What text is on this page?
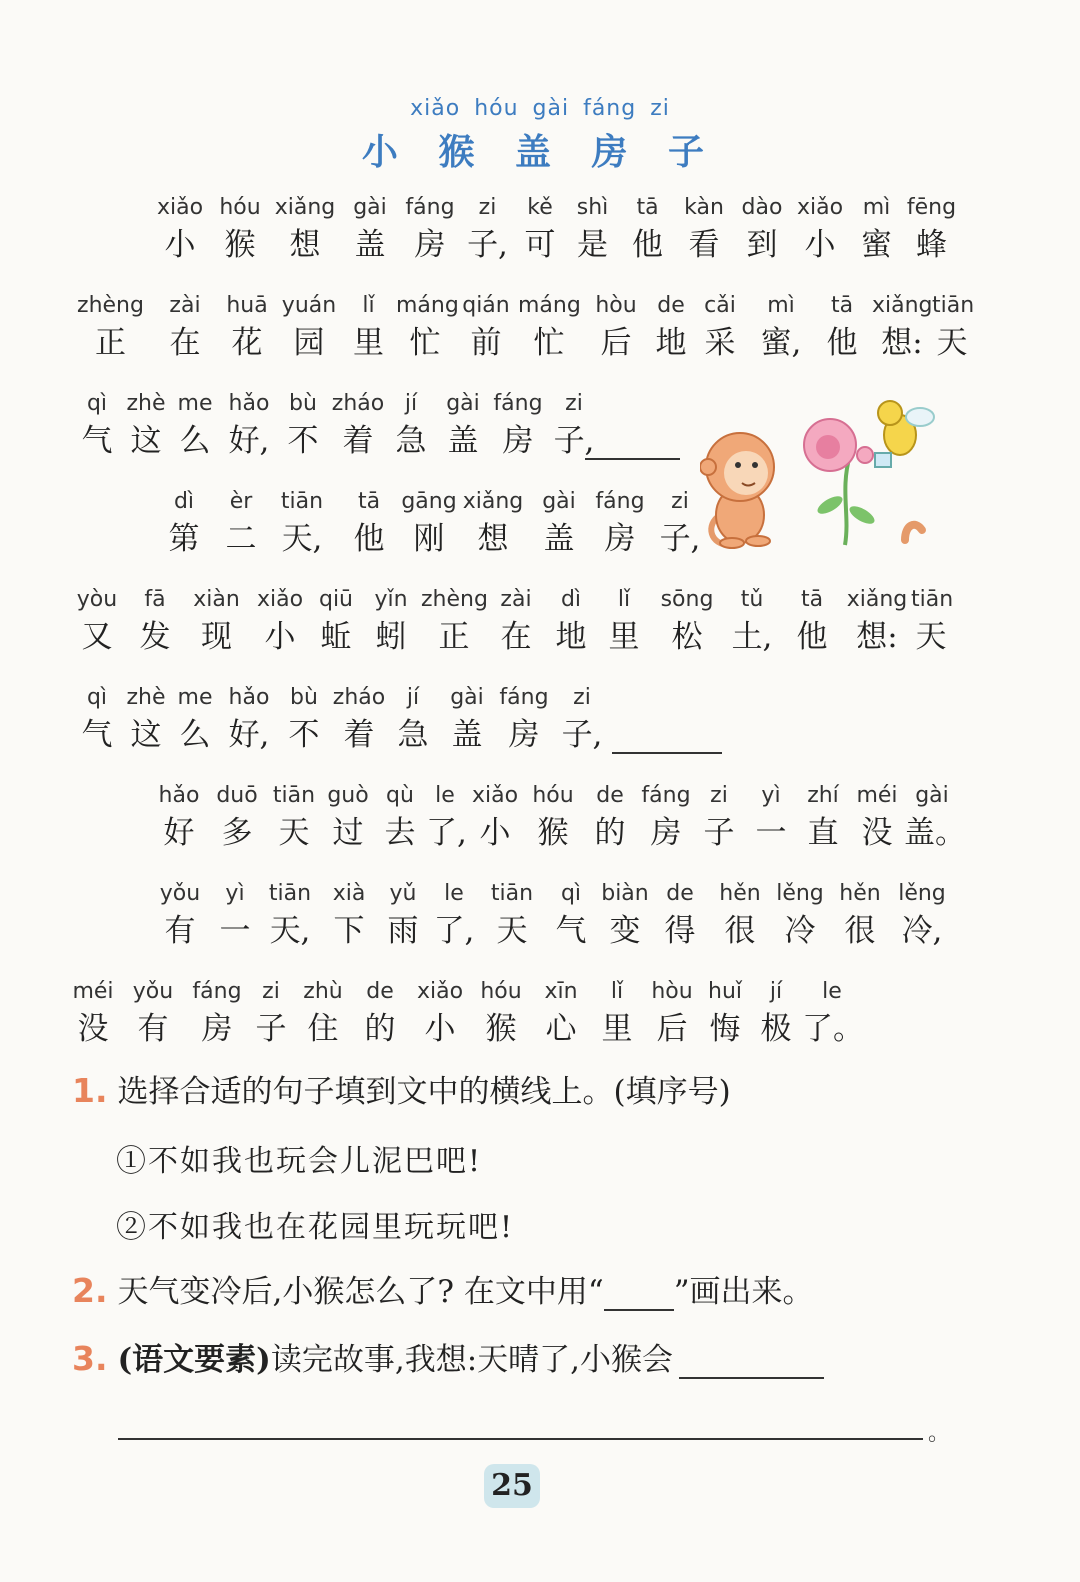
xiǎo hóu gài fáng zi
小 猴 盖 房 子
xiǎo hóu xiǎng gài fáng	zi	kě	shì	tā	kàn dào xiǎo mì fēng
小 猴	想	盖 房 子, 可 是 他 看 到 小 蜜 蜂
zhèng	zài	huā yuán	lǐ máng qián máng hòu de cǎi	mì	tā xiǎng tiān
正	在	花	园 里 忙 前	忙	后 地 采 蜜, 他 想: 天
qì zhè me hǎo bù zháo jí	gài fáng	zi
气 这 么 好, 不 着 急 盖 房 子,
dì	èr	tiān	tā gāng xiǎng gài fáng	zi
第 二 天,	他 刚	想	盖 房 子,
yòu	fā	xiàn xiǎo qiū yǐn zhèng zài	dì	lǐ	sōng	tǔ	tā	xiǎng tiān
又 发 现	小 蚯 蚓	正	在 地 里	松 土, 他 想: 天
qì zhè me hǎo bù zháo jí	gài fáng	zi
气 这 么 好, 不 着 急 盖 房 子,
hǎo duō tiān guò qù le xiǎo hóu	de fáng zi	yì	zhí méi gài
好 多 天 过 去 了, 小 猴 的 房 子 一 直 没 盖。
yǒu	yì	tiān xià	yǔ	le	tiān	qì biàn de	hěn lěng hěn lěng
有 一 天, 下 雨 了, 天 气 变 得 很 冷 很 冷,
méi yǒu fáng zi	zhù	de	xiǎo hóu	xīn	lǐ	hòu huǐ	jí	le
没 有	房 子 住 的 小 猴 心 里 后 悔 极 了。
1. 选择合适的句子填到文中的横线上。(填序号)
①不如我也玩会儿泥巴吧!
②不如我也在花园里玩玩吧!
2. 天气变冷后,小猴怎么了? 在文中用“ ”画出来。
3. (语文要素)读完故事,我想:天晴了,小猴会
。
25
